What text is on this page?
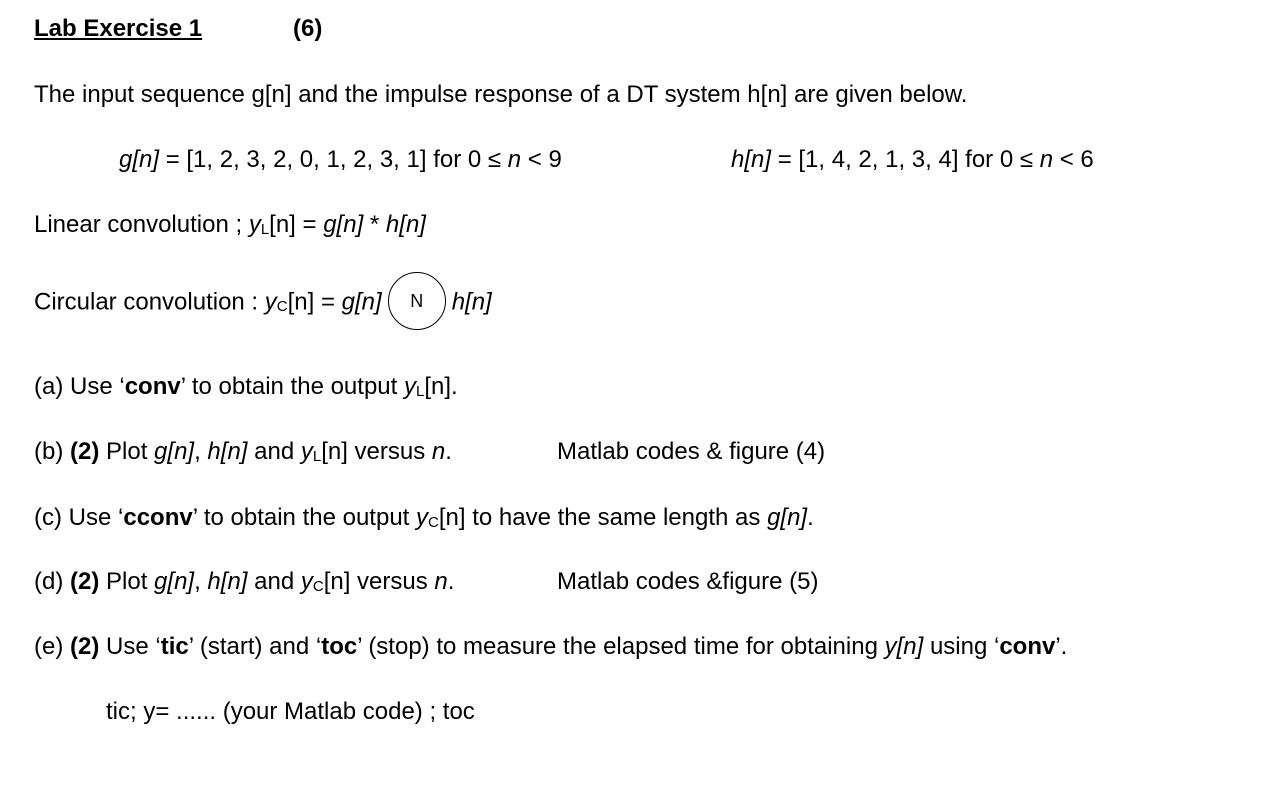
Lab Exercise 1	(6)
The input sequence g[n] and the impulse response of a DT system h[n] are given below.
g[n] = [1, 2, 3, 2, 0, 1, 2, 3, 1] for 0 ≤ n < 9	h[n] = [1, 4, 2, 1, 3, 4] for 0 ≤ n < 6
Linear convolution ; yL[n] = g[n] * h[n]
Circular convolution : yC[n] = g[n] N h[n]
(a) Use ‘conv’ to obtain the output yL[n].
(b) (2) Plot g[n], h[n] and yL[n] versus n.	Matlab codes & figure (4)
(c) Use ‘cconv’ to obtain the output yC[n] to have the same length as g[n].
(d) (2) Plot g[n], h[n] and yC[n] versus n.	Matlab codes &figure (5)
(e) (2) Use ‘tic’ (start) and ‘toc’ (stop) to measure the elapsed time for obtaining y[n] using ‘conv’.
tic; y= ...... (your Matlab code) ; toc
